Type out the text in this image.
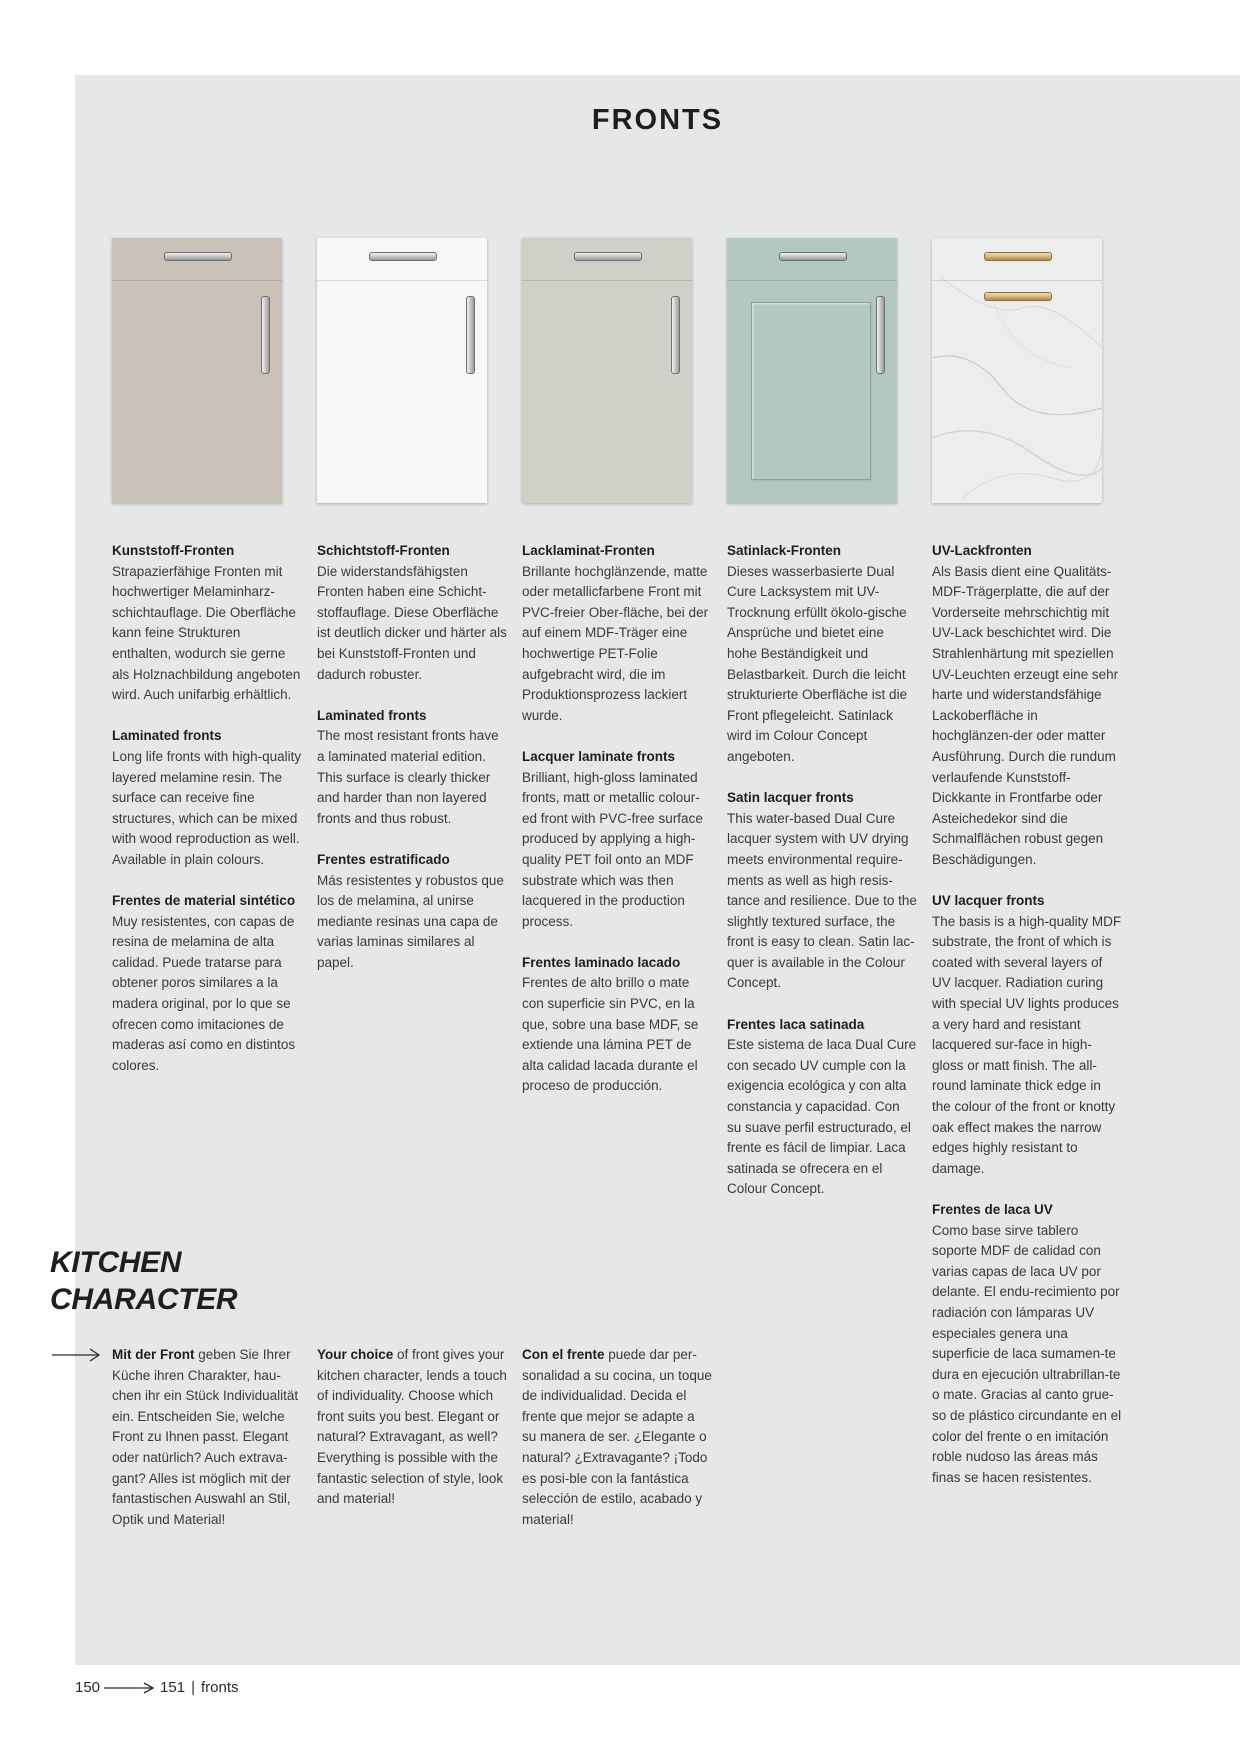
FRONTS
Kunststoff-Fronten

Strapazierfähige Fronten mit hochwertiger Melaminharz-schichtauflage. Die Oberfläche kann feine Strukturen enthalten, wodurch sie gerne als Holznachbildung angeboten wird. Auch unifarbig erhältlich.

Laminated fronts

Long life fronts with high-quality layered melamine resin. The surface can receive fine structures, which can be mixed with wood reproduction as well. Available in plain colours.

Frentes de material sintético

Muy resistentes, con capas de resina de melamina de alta calidad. Puede tratarse para obtener poros similares a la madera original, por lo que se ofrecen como imitaciones de maderas así como en distintos colores.

Schichtstoff-Fronten

Die widerstandsfähigsten Fronten haben eine Schicht-stoffauflage. Diese Oberfläche ist deutlich dicker und härter als bei Kunststoff-Fronten und dadurch robuster.

Laminated fronts

The most resistant fronts have a laminated material edition. This surface is clearly thicker and harder than non layered fronts and thus robust.

Frentes estratificado

Más resistentes y robustos que los de melamina, al unirse mediante resinas una capa de varias laminas similares al papel.

Lacklaminat-Fronten

Brillante hochglänzende, matte oder metallicfarbene Front mit PVC-freier Ober-fläche, bei der auf einem MDF-Träger eine hochwertige PET-Folie aufgebracht wird, die im Produktionsprozess lackiert wurde.

Lacquer laminate fronts

Brilliant, high-gloss laminated fronts, matt or metallic colour-ed front with PVC-free surface produced by applying a high-quality PET foil onto an MDF substrate which was then lacquered in the production process.

Frentes laminado lacado

Frentes de alto brillo o mate con superficie sin PVC, en la que, sobre una base MDF, se extiende una lámina PET de alta calidad lacada durante el proceso de producción.

Satinlack-Fronten

Dieses wasserbasierte Dual Cure Lacksystem mit UV-Trocknung erfüllt ökolo-gische Ansprüche und bietet eine hohe Beständigkeit und Belastbarkeit. Durch die leicht strukturierte Oberfläche ist die Front pflegeleicht. Satinlack wird im Colour Concept angeboten.

Satin lacquer fronts

This water-based Dual Cure lacquer system with UV drying meets environmental require-ments as well as high resis-tance and resilience. Due to the slightly textured surface, the front is easy to clean. Satin lac-quer is available in the Colour Concept.

Frentes laca satinada

Este sistema de laca Dual Cure con secado UV cumple con la exigencia ecológica y con alta constancia y capacidad. Con su suave perfil estructurado, el frente es fácil de limpiar. Laca satinada se ofrecera en el Colour Concept.

UV-Lackfronten

Als Basis dient eine Qualitäts-MDF-Trägerplatte, die auf der Vorderseite mehrschichtig mit UV-Lack beschichtet wird. Die Strahlenhärtung mit speziellen UV-Leuchten erzeugt eine sehr harte und widerstandsfähige Lackoberfläche in hochglänzen-der oder matter Ausführung. Durch die rundum verlaufende Kunststoff-Dickkante in Frontfarbe oder Asteichedekor sind die Schmalflächen robust gegen Beschädigungen.

UV lacquer fronts

The basis is a high-quality MDF substrate, the front of which is coated with several layers of UV lacquer. Radiation curing with special UV lights produces a very hard and resistant lacquered sur-face in high-gloss or matt finish. The all-round laminate thick edge in the colour of the front or knotty oak effect makes the narrow edges highly resistant to damage.

Frentes de laca UV

Como base sirve tablero soporte MDF de calidad con varias capas de laca UV por delante. El endu-recimiento por radiación con lámparas UV especiales genera una superficie de laca sumamen-te dura en ejecución ultrabrillan-te o mate. Gracias al canto grue-so de plástico circundante en el color del frente o en imitación roble nudoso las áreas más finas se hacen resistentes.

KITCHEN
CHARACTER
Mit der Front geben Sie Ihrer Küche ihren Charakter, hau-chen ihr ein Stück Individualität ein. Entscheiden Sie, welche Front zu Ihnen passt. Elegant oder natürlich? Auch extrava-gant? Alles ist möglich mit der fantastischen Auswahl an Stil, Optik und Material!
Your choice of front gives your kitchen character, lends a touch of individuality. Choose which front suits you best. Elegant or natural? Extravagant, as well? Everything is possible with the fantastic selection of style, look and material!
Con el frente puede dar per-sonalidad a su cocina, un toque de individualidad. Decida el frente que mejor se adapte a su manera de ser. ¿Elegante o natural? ¿Extravagante? ¡Todo es posi-ble con la fantástica selección de estilo, acabado y material!
150	151 | fronts
